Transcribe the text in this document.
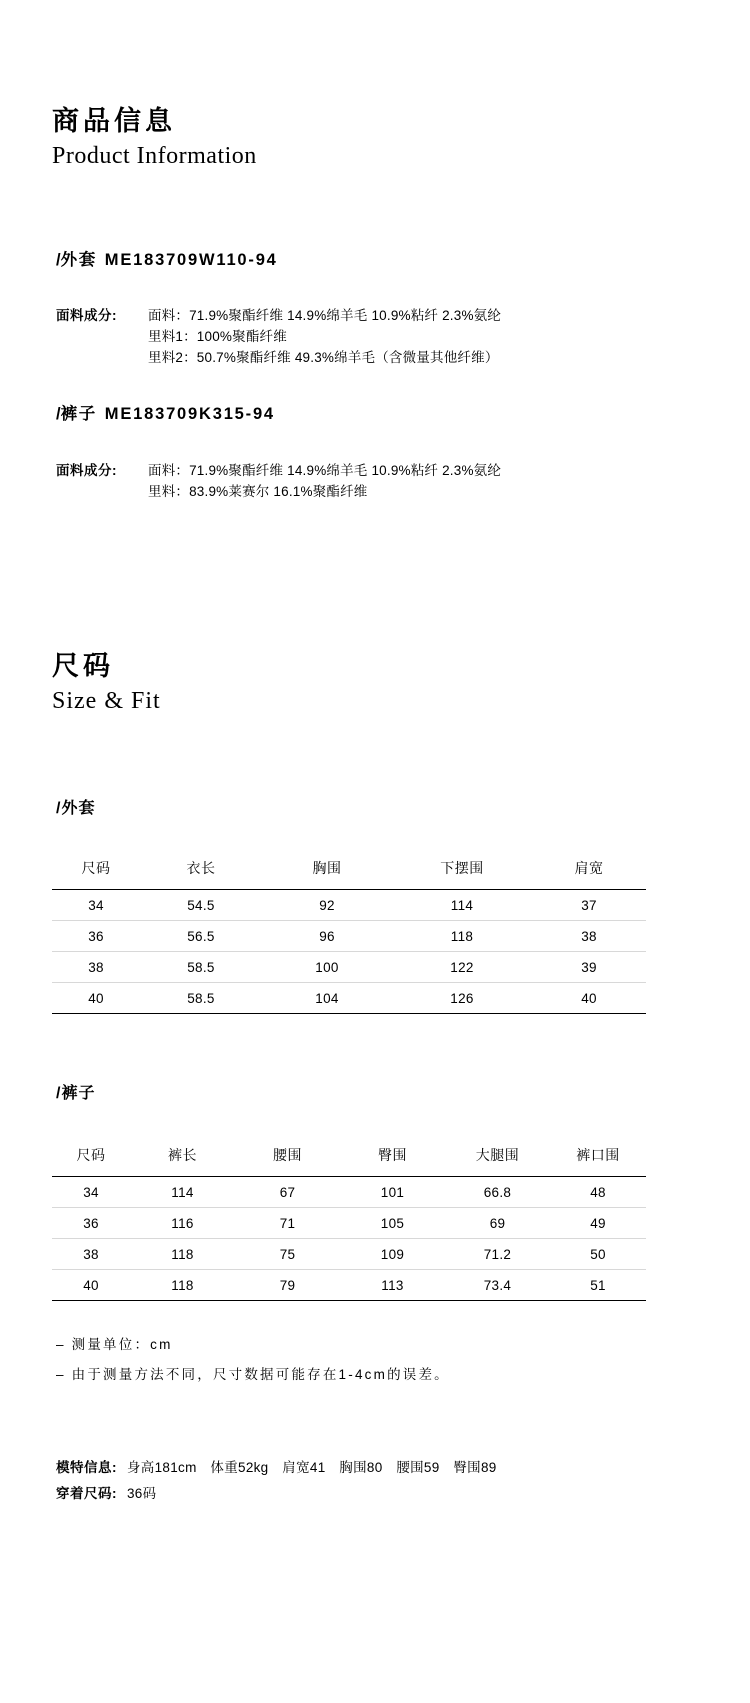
商品信息
Product Information
/外套 ME183709W110-94
面料成分:	面料：71.9%聚酯纤维 14.9%绵羊毛 10.9%粘纤 2.3%氨纶
里料1：100%聚酯纤维
里料2：50.7%聚酯纤维 49.3%绵羊毛（含微量其他纤维）
/裤子 ME183709K315-94
面料成分:	面料：71.9%聚酯纤维 14.9%绵羊毛 10.9%粘纤 2.3%氨纶
里料：83.9%莱赛尔 16.1%聚酯纤维
尺码
Size & Fit
/外套
尺码	衣长	胸围	下摆围	肩宽
34	54.5	92	114	37
36	56.5	96	118	38
38	58.5	100	122	39
40	58.5	104	126	40
/裤子
尺码	裤长	腰围	臀围	大腿围	裤口围
34	114	67	101	66.8	48
36	116	71	105	69	49
38	118	75	109	71.2	50
40	118	79	113	73.4	51
– 测量单位：cm
– 由于测量方法不同，尺寸数据可能存在1-4cm的误差。
模特信息: 身高181cm　体重52kg　肩宽41　胸围80　腰围59　臀围89
穿着尺码: 36码
